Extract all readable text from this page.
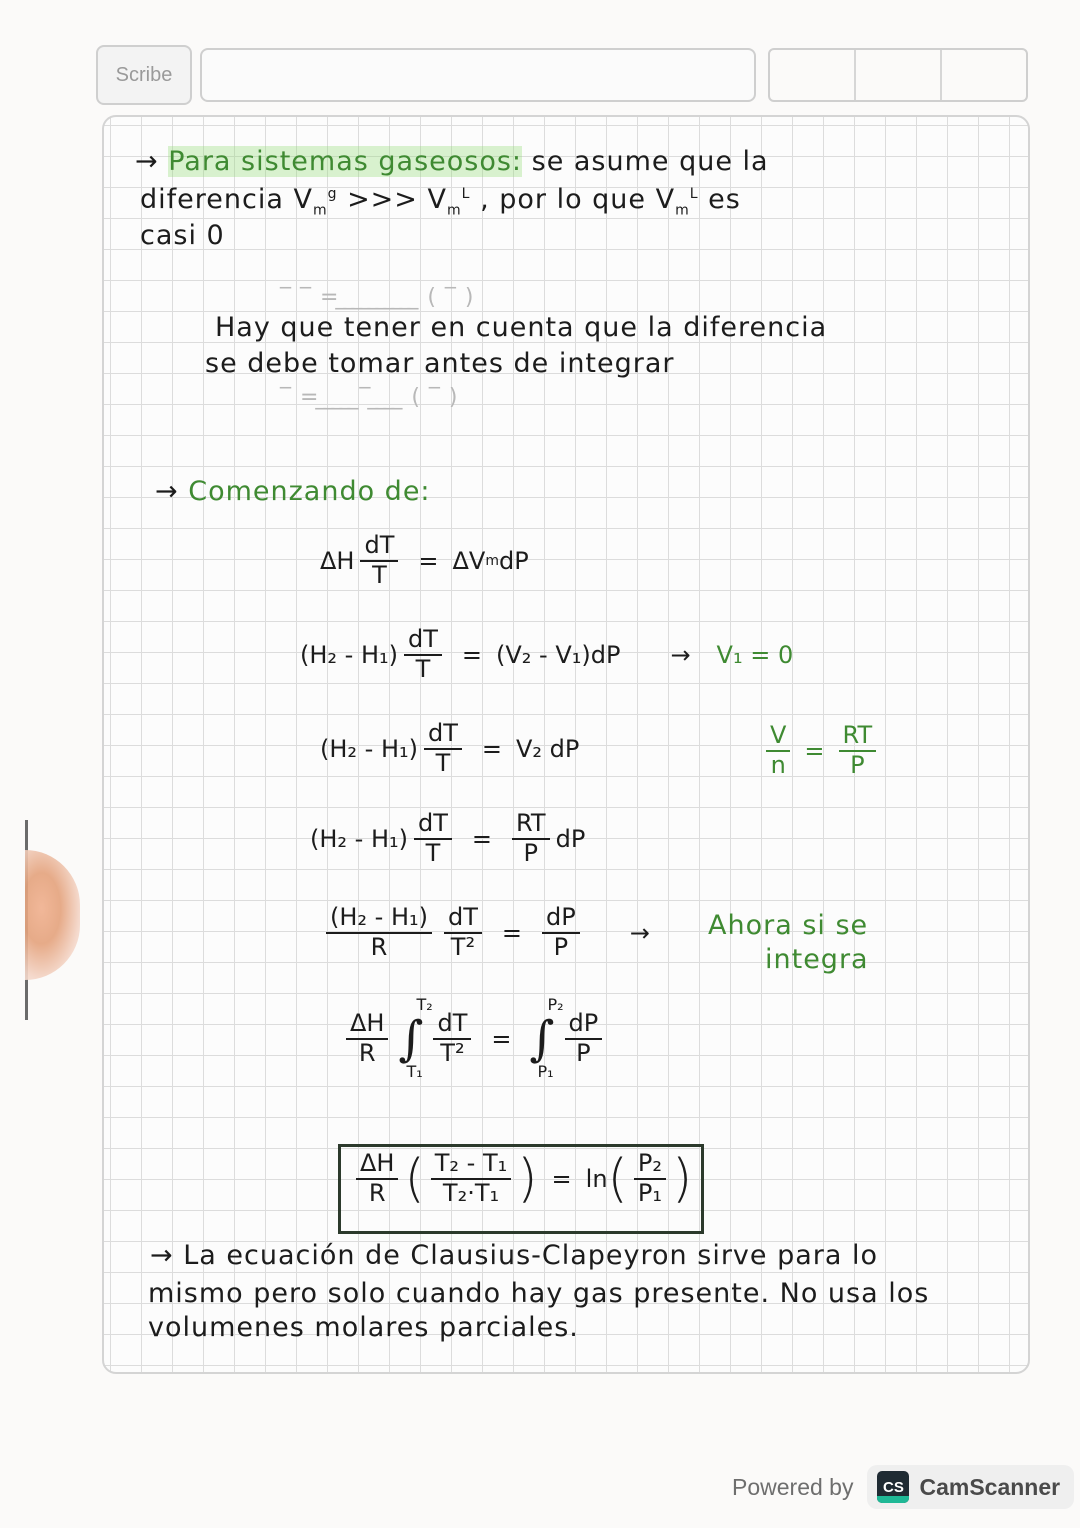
Scribe
→ Para sistemas gaseosos: se asume que la
diferencia $V_m^g$ >>> $V_m^L$ , por lo que $V_m^L$ es
casi 0
‾ ‾ = ̲ ̲ ̲ ̲ ̲ ̲ ̲ ̲ ̲ ̲ ( ‾ )
Hay que tener en cuenta que la diferencia
se debe tomar antes de integrar
‾ = ̲ ̲ ̲ ̲ ̲‾ ̲ ̲ ̲ ̲ ( ‾ )
→ Comenzando de:
ΔH $\frac{dT}{T} = \Delta V$ m dP
$(H_2 - H_1) \frac{dT}{T} = (V_2 - V_1)dP \to V_1 = 0$
$(H_2 - H_1) \frac{dT}{T} = V_2$ dP	$\frac{V}{n} = \frac{RT}{P}$
$(H_2 - H_1) \frac{dT}{T} = \frac{RT}{P}$ dP
$\frac{\text{(H₂ - H₁)}}{R} \frac{dT}{\text{T²}} = \frac{dP}{P}$ → Ahora si se
integra
$\frac{\Delta H}{R}$ ∫
T₂
T₁
$\frac{dT}{\text{T²}}$ = ∫
P₂
P₁
$\frac{dP}{P}$
$\frac{\Delta H}{R}$ ( $\frac{\text{T₂ - T₁}}{\text{T₂·T₁}}$ ) = ln ( $\frac{\text{P₂}}{\text{P₁}}$ )
→ La ecuación de Clausius-Clapeyron sirve para lo
mismo pero solo cuando hay gas presente. No usa los
volumenes molares parciales.
Powered by CS CamScanner
